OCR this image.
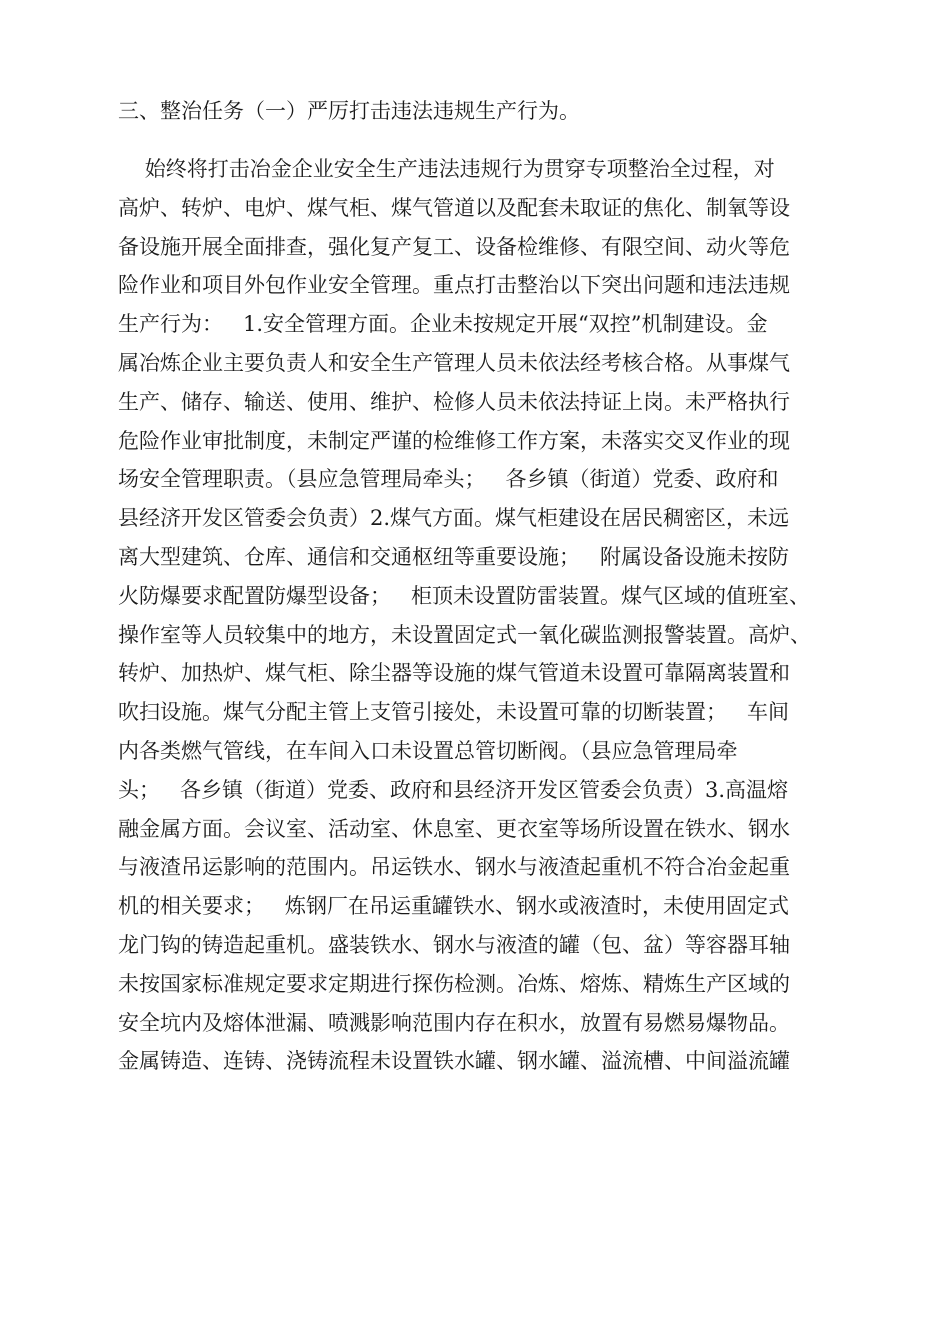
三、整治任务（一）严厉打击违法违规生产行为。
始终将打击冶金企业安全生产违法违规行为贯穿专项整治全过程，对
高炉、转炉、电炉、煤气柜、煤气管道以及配套未取证的焦化、制氧等设
备设施开展全面排查，强化复产复工、设备检维修、有限空间、动火等危
险作业和项目外包作业安全管理。重点打击整治以下突出问题和违法违规
生产行为：   1.安全管理方面。企业未按规定开展“双控”机制建设。金
属冶炼企业主要负责人和安全生产管理人员未依法经考核合格。从事煤气
生产、储存、输送、使用、维护、检修人员未依法持证上岗。未严格执行
危险作业审批制度，未制定严谨的检维修工作方案，未落实交叉作业的现
场安全管理职责。（县应急管理局牵头；   各乡镇（街道）党委、政府和
县经济开发区管委会负责）2.煤气方面。煤气柜建设在居民稠密区，未远
离大型建筑、仓库、通信和交通枢纽等重要设施；   附属设备设施未按防
火防爆要求配置防爆型设备；   柜顶未设置防雷装置。煤气区域的值班室、
操作室等人员较集中的地方，未设置固定式一氧化碳监测报警装置。高炉、
转炉、加热炉、煤气柜、除尘器等设施的煤气管道未设置可靠隔离装置和
吹扫设施。煤气分配主管上支管引接处，未设置可靠的切断装置；   车间
内各类燃气管线，在车间入口未设置总管切断阀。（县应急管理局牵
头；   各乡镇（街道）党委、政府和县经济开发区管委会负责）3.高温熔
融金属方面。会议室、活动室、休息室、更衣室等场所设置在铁水、钢水
与液渣吊运影响的范围内。吊运铁水、钢水与液渣起重机不符合冶金起重
机的相关要求；   炼钢厂在吊运重罐铁水、钢水或液渣时，未使用固定式
龙门钩的铸造起重机。盛装铁水、钢水与液渣的罐（包、盆）等容器耳轴
未按国家标准规定要求定期进行探伤检测。冶炼、熔炼、精炼生产区域的
安全坑内及熔体泄漏、喷溅影响范围内存在积水，放置有易燃易爆物品。
金属铸造、连铸、浇铸流程未设置铁水罐、钢水罐、溢流槽、中间溢流罐
